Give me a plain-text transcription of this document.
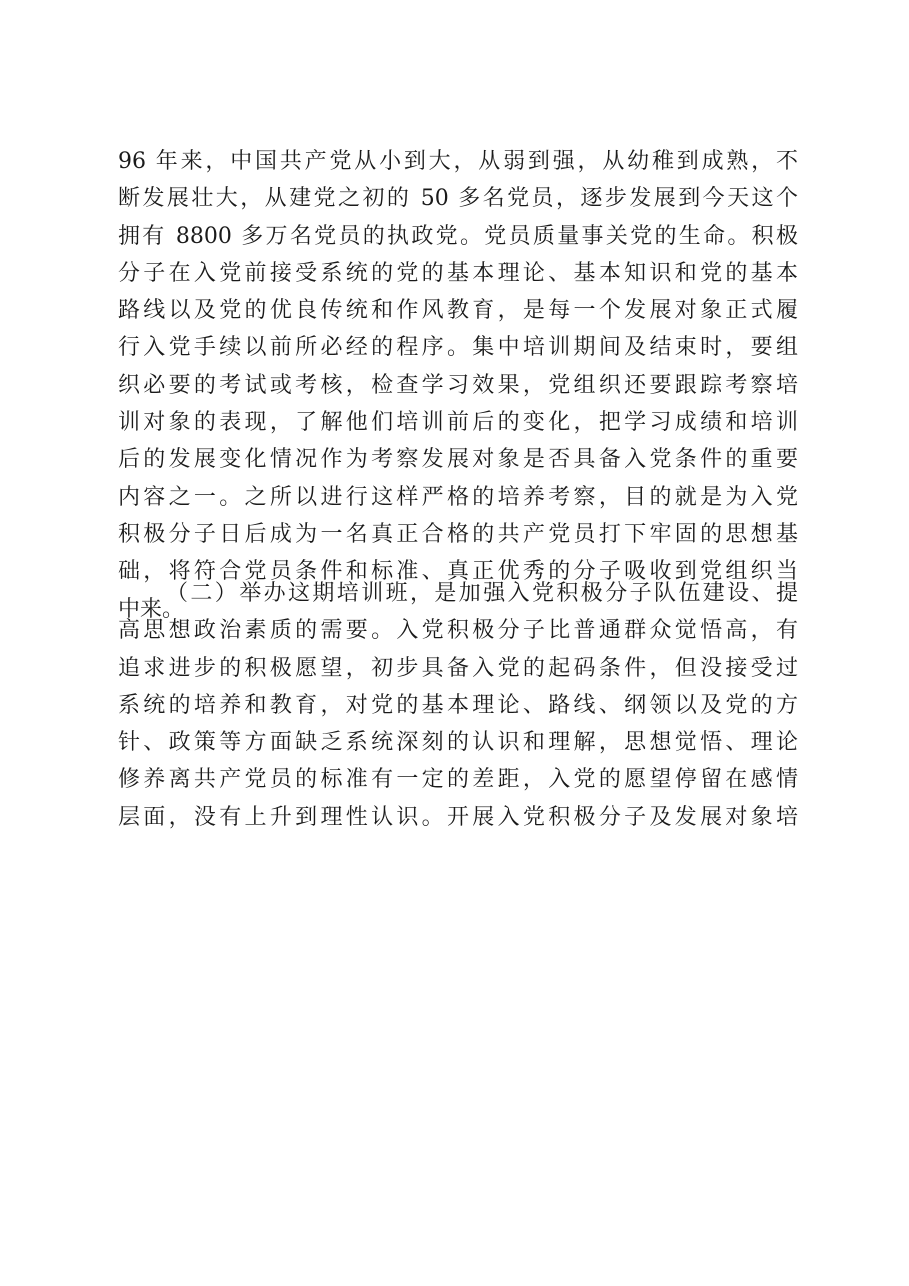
96 年来，中国共产党从小到大，从弱到强，从幼稚到成熟，不
断发展壮大，从建党之初的 50 多名党员，逐步发展到今天这个
拥有 8800 多万名党员的执政党。党员质量事关党的生命。积极
分子在入党前接受系统的党的基本理论、基本知识和党的基本
路线以及党的优良传统和作风教育，是每一个发展对象正式履
行入党手续以前所必经的程序。集中培训期间及结束时，要组
织必要的考试或考核，检查学习效果，党组织还要跟踪考察培
训对象的表现，了解他们培训前后的变化，把学习成绩和培训
后的发展变化情况作为考察发展对象是否具备入党条件的重要
内容之一。之所以进行这样严格的培养考察，目的就是为入党
积极分子日后成为一名真正合格的共产党员打下牢固的思想基
础，将符合党员条件和标准、真正优秀的分子吸收到党组织当
中来。
（二）举办这期培训班，是加强入党积极分子队伍建设、提
高思想政治素质的需要。入党积极分子比普通群众觉悟高，有
追求进步的积极愿望，初步具备入党的起码条件，但没接受过
系统的培养和教育，对党的基本理论、路线、纲领以及党的方
针、政策等方面缺乏系统深刻的认识和理解，思想觉悟、理论
修养离共产党员的标准有一定的差距，入党的愿望停留在感情
层面，没有上升到理性认识。开展入党积极分子及发展对象培
